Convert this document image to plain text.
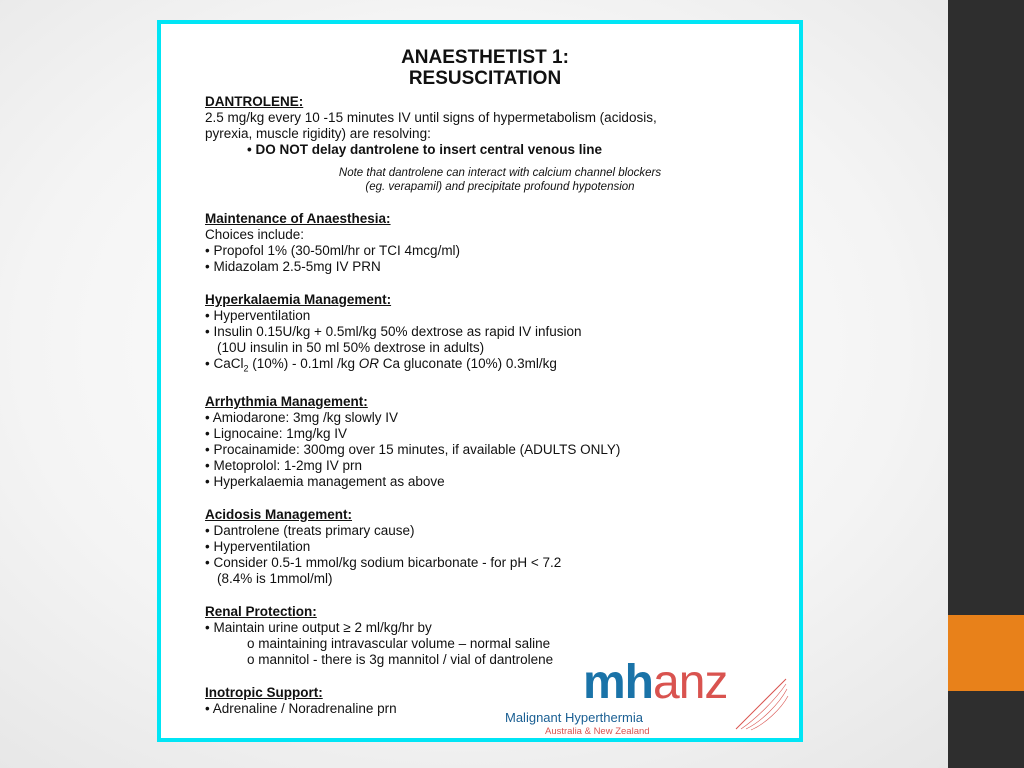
ANAESTHETIST 1:
RESUSCITATION
DANTROLENE:
2.5 mg/kg every 10 -15 minutes IV until signs of hypermetabolism (acidosis,
pyrexia, muscle rigidity) are resolving:
• DO NOT delay dantrolene to insert central venous line
Note that dantrolene can interact with calcium channel blockers
(eg. verapamil) and precipitate profound hypotension
Maintenance of Anaesthesia:
Choices include:
• Propofol 1% (30-50ml/hr or TCI 4mcg/ml)
• Midazolam 2.5-5mg IV PRN
Hyperkalaemia Management:
• Hyperventilation
• Insulin 0.15U/kg + 0.5ml/kg 50% dextrose as rapid IV infusion
(10U insulin in 50 ml 50% dextrose in adults)
• CaCl$_2$ (10%) - 0.1ml /kg OR Ca gluconate (10%) 0.3ml/kg
Arrhythmia Management:
• Amiodarone: 3mg /kg slowly IV
• Lignocaine: 1mg/kg IV
• Procainamide: 300mg over 15 minutes, if available (ADULTS ONLY)
• Metoprolol: 1-2mg IV prn
• Hyperkalaemia management as above
Acidosis Management:
• Dantrolene (treats primary cause)
• Hyperventilation
• Consider 0.5-1 mmol/kg sodium bicarbonate - for pH < 7.2
(8.4% is 1mmol/ml)
Renal Protection:
• Maintain urine output ≥ 2 ml/kg/hr by
o maintaining intravascular volume – normal saline
o mannitol - there is 3g mannitol / vial of dantrolene
Inotropic Support:
• Adrenaline / Noradrenaline prn	mhanz
Malignant Hyperthermia
Australia & New Zealand
